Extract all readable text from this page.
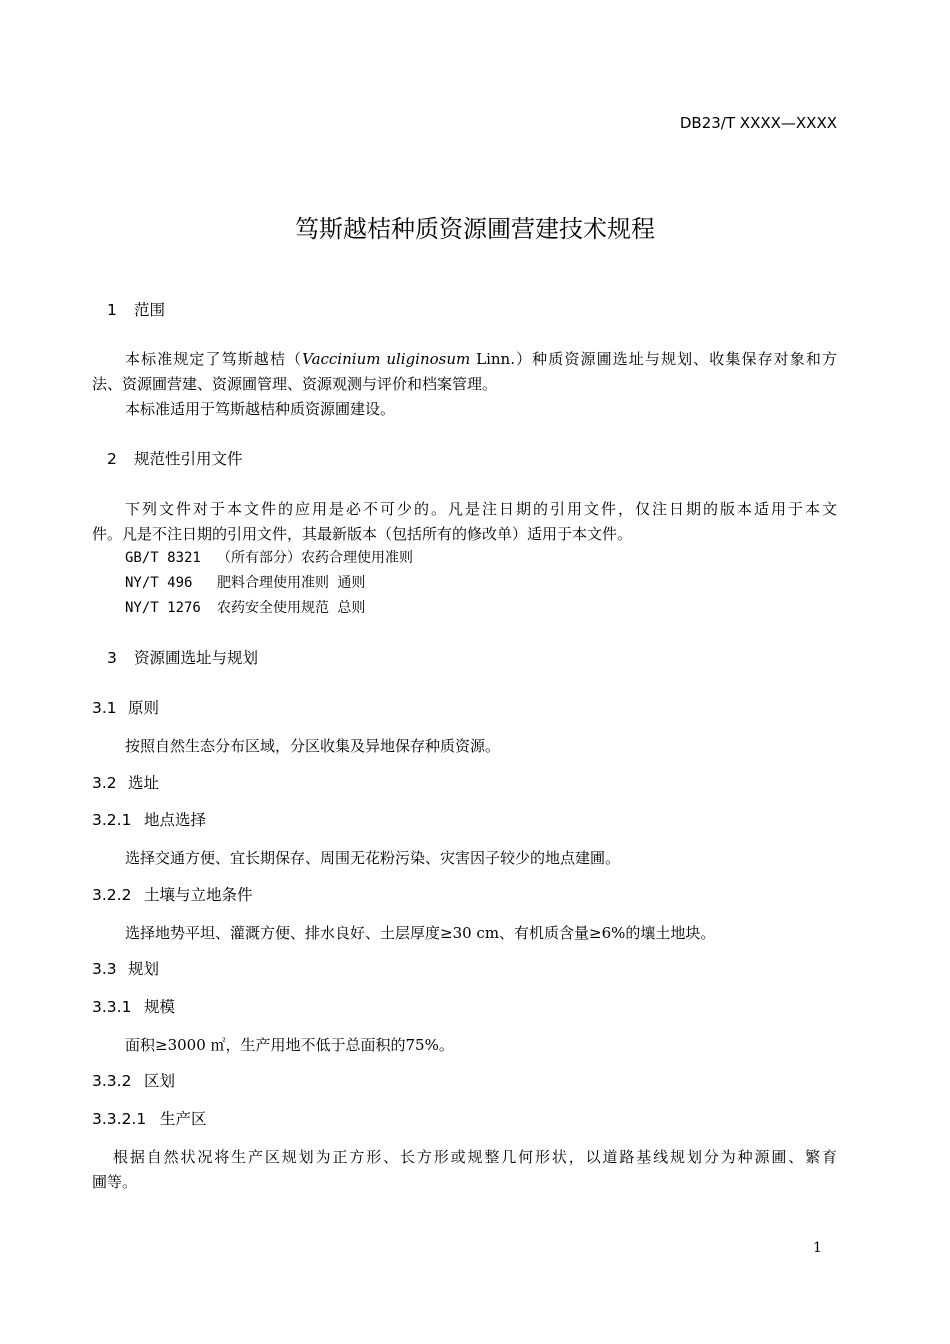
DB23/T XXXX—XXXX
笃斯越桔种质资源圃营建技术规程
1 范围
本标准规定了笃斯越桔（Vaccinium uliginosum Linn.）种质资源圃选址与规划、收集保存对象和方
法、资源圃营建、资源圃管理、资源观测与评价和档案管理。
本标准适用于笃斯越桔种质资源圃建设。
2 规范性引用文件
下列文件对于本文件的应用是必不可少的。凡是注日期的引用文件，仅注日期的版本适用于本文
件。凡是不注日期的引用文件，其最新版本（包括所有的修改单）适用于本文件。
GB/T 8321 （所有部分）农药合理使用准则
NY/T 496 肥料合理使用准则 通则
NY/T 1276 农药安全使用规范 总则
3 资源圃选址与规划
3.1 原则
按照自然生态分布区域，分区收集及异地保存种质资源。
3.2 选址
3.2.1 地点选择
选择交通方便、宜长期保存、周围无花粉污染、灾害因子较少的地点建圃。
3.2.2 土壤与立地条件
选择地势平坦、灌溉方便、排水良好、土层厚度≥30 cm、有机质含量≥6%的壤土地块。
3.3 规划
3.3.1 规模
面积≥3000 ㎡，生产用地不低于总面积的75%。
3.3.2 区划
3.3.2.1 生产区
根据自然状况将生产区规划为正方形、长方形或规整几何形状，以道路基线规划分为种源圃、繁育
圃等。
1
